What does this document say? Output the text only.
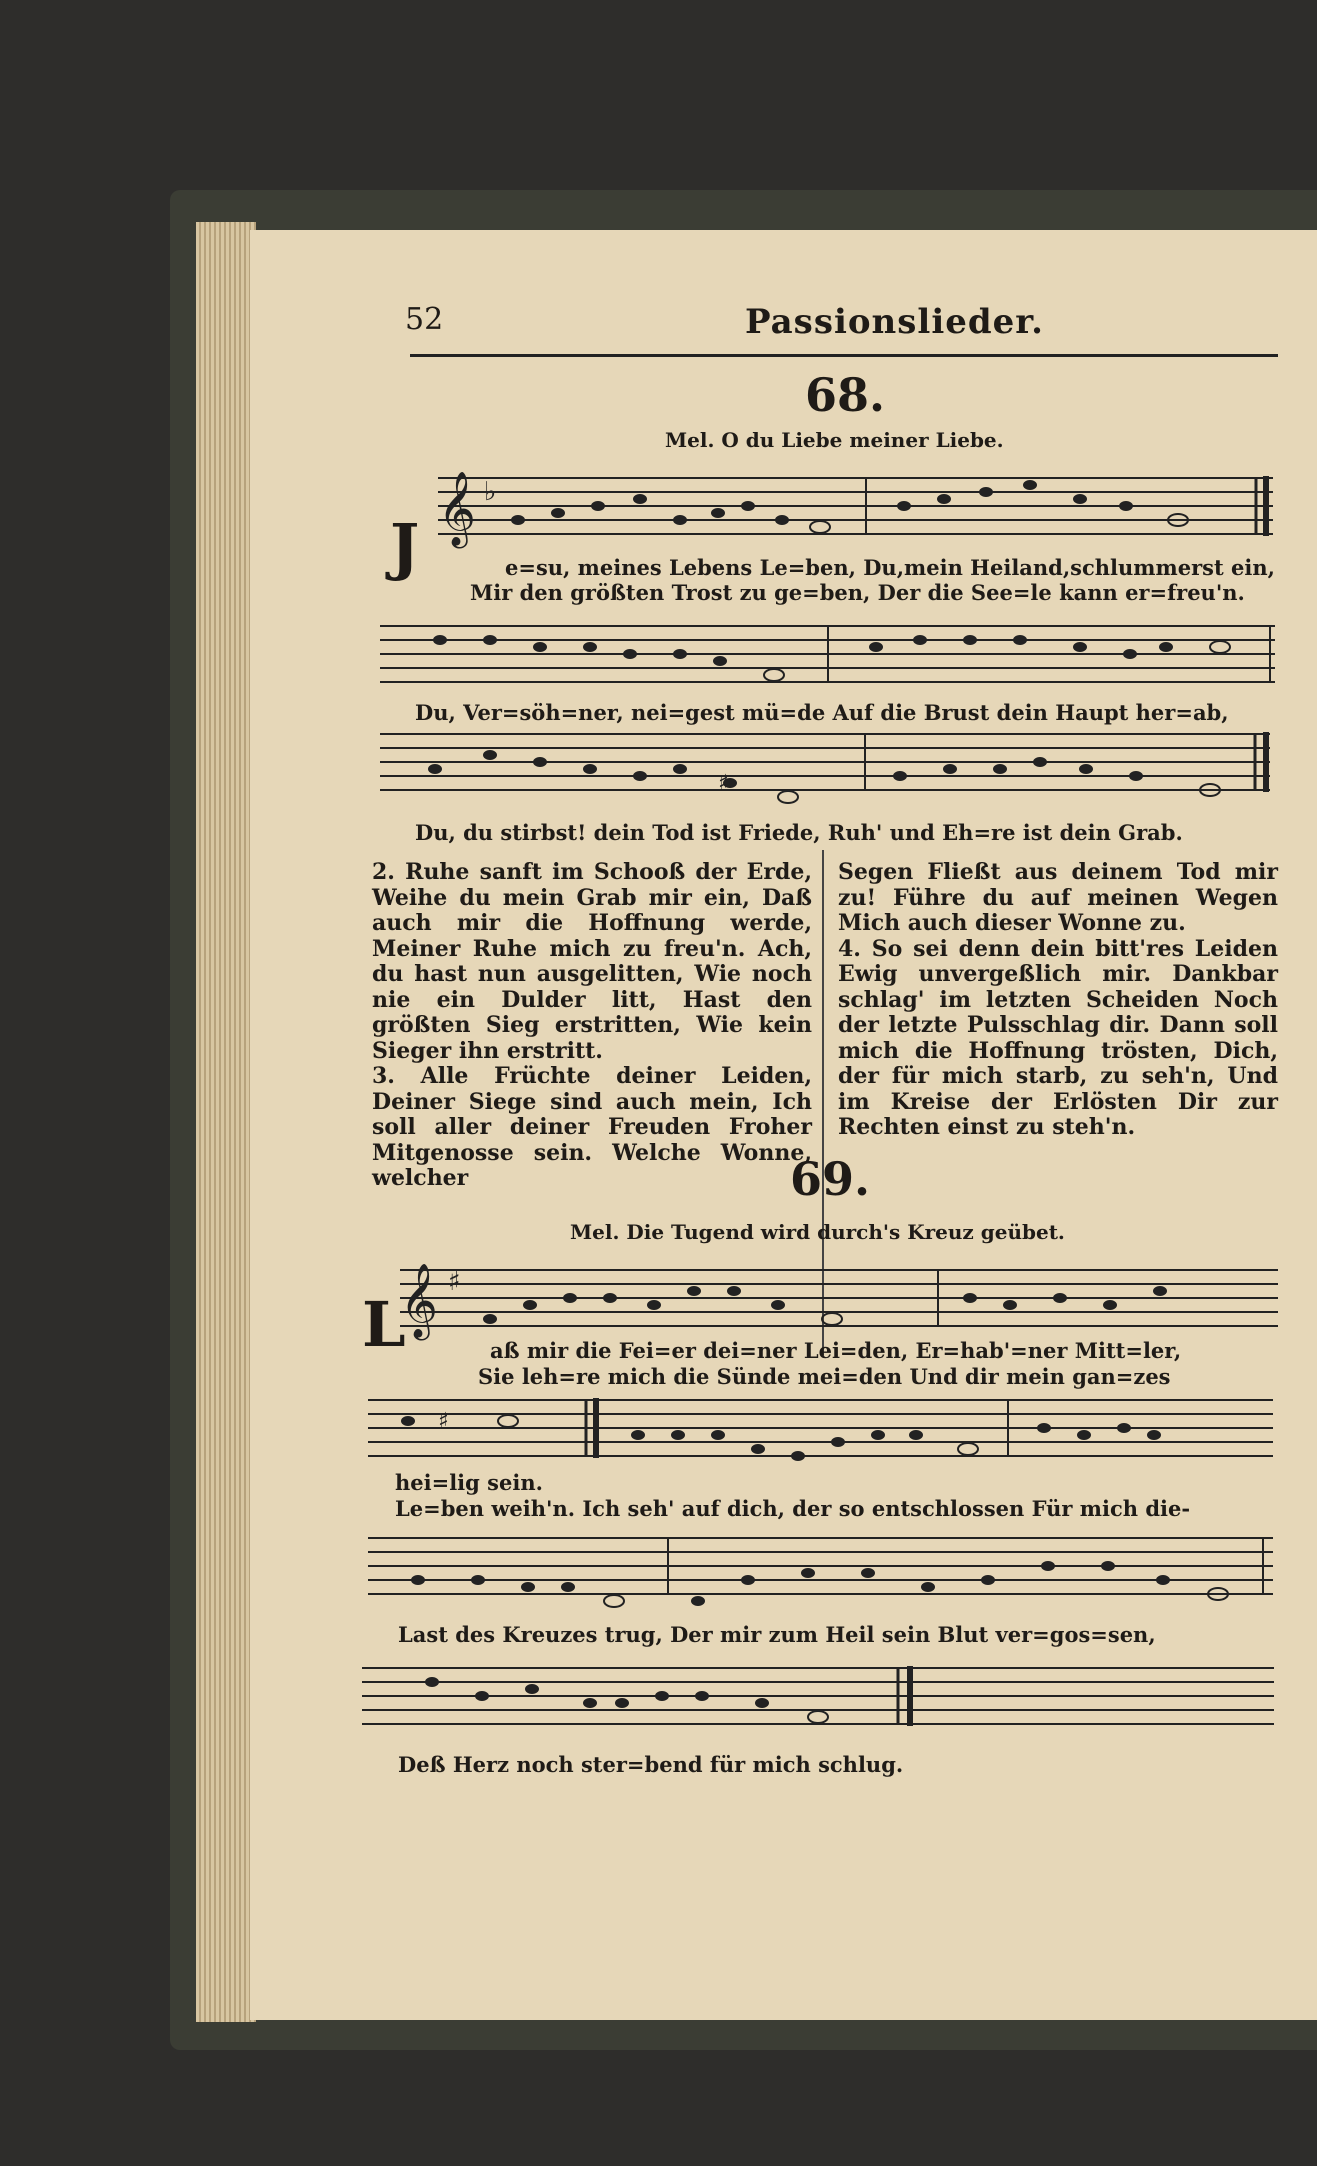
52	Passionslieder.
68.
Mel. O du Liebe meiner Liebe.
J
𝄞 ♭
e=su, meines Lebens Le=ben, Du,mein Heiland,schlummerst ein,
Mir den größten Trost zu ge=ben, Der die See=le kann er=freu'n.
Du, Ver=söh=ner, nei=gest mü=de Auf die Brust dein Haupt her=ab,
♯
Du, du stirbst! dein Tod ist Friede, Ruh' und Eh=re ist dein Grab.

2. Ruhe sanft im Schooß der Erde, Weihe du mein Grab mir ein, Daß auch mir die Hoffnung werde, Meiner Ruhe mich zu freu'n. Ach, du hast nun ausgelitten, Wie noch nie ein Dulder litt, Hast den größten Sieg erstritten, Wie kein Sieger ihn erstritt.

3. Alle Früchte deiner Leiden, Deiner Siege sind auch mein, Ich soll aller deiner Freuden Froher Mitgenosse sein. Welche Wonne, welcher

Segen Fließt aus deinem Tod mir zu! Führe du auf meinen Wegen Mich auch dieser Wonne zu.

4. So sei denn dein bitt'res Leiden Ewig unvergeßlich mir. Dankbar schlag' im letzten Scheiden Noch der letzte Pulsschlag dir. Dann soll mich die Hoffnung trösten, Dich, der für mich starb, zu seh'n, Und im Kreise der Erlösten Dir zur Rechten einst zu steh'n.

69.
Mel. Die Tugend wird durch's Kreuz geübet.
L
𝄞 ♯
aß mir die Fei=er dei=ner Lei=den, Er=hab'=ner Mitt=ler,
Sie leh=re mich die Sünde mei=den Und dir mein gan=zes
♯
hei=lig sein.
Le=ben weih'n. Ich seh' auf dich, der so entschlossen Für mich die-
Last des Kreuzes trug, Der mir zum Heil sein Blut ver=gos=sen,
Deß Herz noch ster=bend für mich schlug.
